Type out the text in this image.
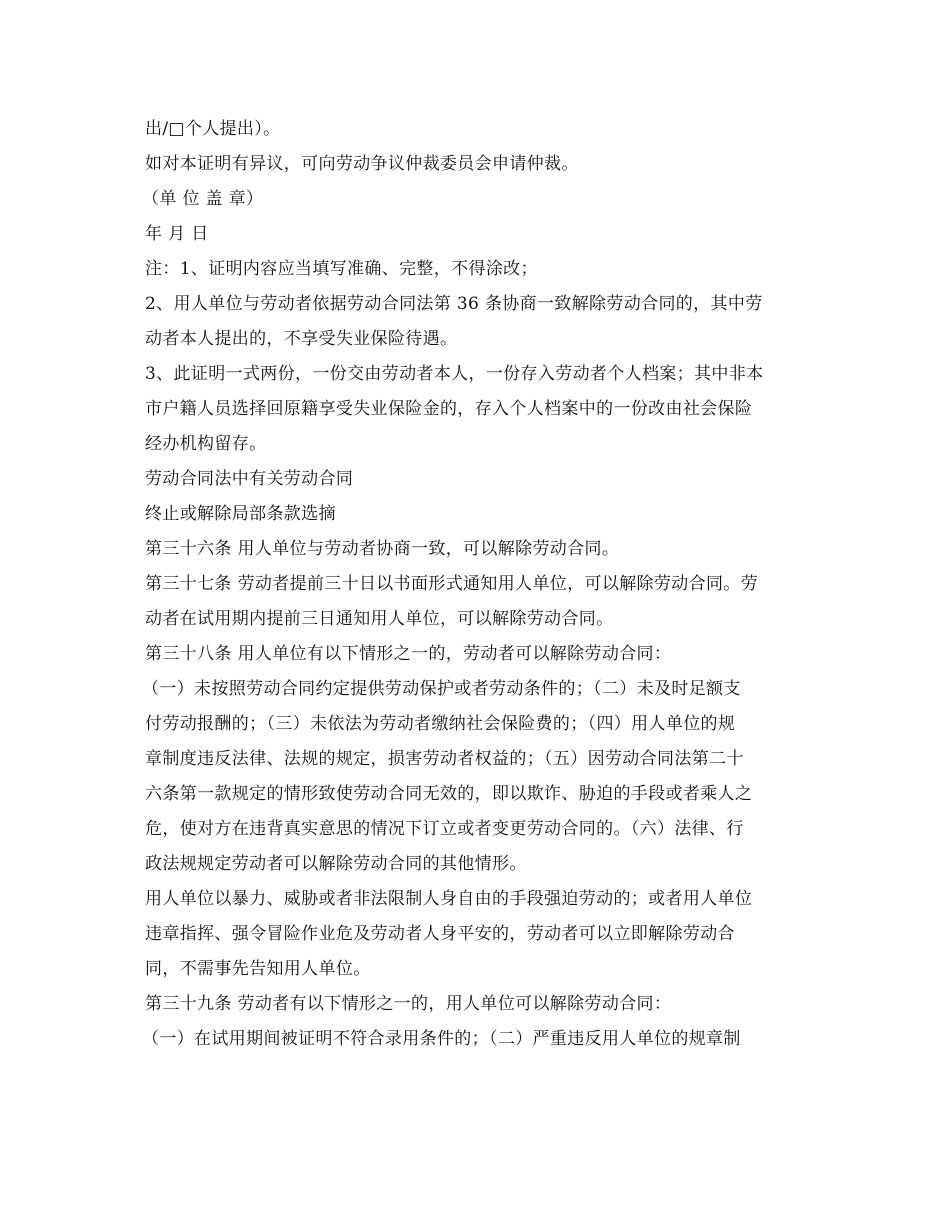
出/□个人提出）。
如对本证明有异议，可向劳动争议仲裁委员会申请仲裁。
（单 位 盖 章）
年 月 日
注：1、证明内容应当填写准确、完整，不得涂改；
2、用人单位与劳动者依据劳动合同法第 36 条协商一致解除劳动合同的，其中劳
动者本人提出的，不享受失业保险待遇。
3、此证明一式两份，一份交由劳动者本人，一份存入劳动者个人档案；其中非本
市户籍人员选择回原籍享受失业保险金的，存入个人档案中的一份改由社会保险
经办机构留存。
劳动合同法中有关劳动合同
终止或解除局部条款选摘
第三十六条 用人单位与劳动者协商一致，可以解除劳动合同。
第三十七条 劳动者提前三十日以书面形式通知用人单位，可以解除劳动合同。劳
动者在试用期内提前三日通知用人单位，可以解除劳动合同。
第三十八条 用人单位有以下情形之一的，劳动者可以解除劳动合同：
（一）未按照劳动合同约定提供劳动保护或者劳动条件的；（二）未及时足额支
付劳动报酬的；（三）未依法为劳动者缴纳社会保险费的；（四）用人单位的规
章制度违反法律、法规的规定，损害劳动者权益的；（五）因劳动合同法第二十
六条第一款规定的情形致使劳动合同无效的，即以欺诈、胁迫的手段或者乘人之
危，使对方在违背真实意思的情况下订立或者变更劳动合同的。（六）法律、行
政法规规定劳动者可以解除劳动合同的其他情形。
用人单位以暴力、威胁或者非法限制人身自由的手段强迫劳动的；或者用人单位
违章指挥、强令冒险作业危及劳动者人身平安的，劳动者可以立即解除劳动合
同，不需事先告知用人单位。
第三十九条 劳动者有以下情形之一的，用人单位可以解除劳动合同：
（一）在试用期间被证明不符合录用条件的；（二）严重违反用人单位的规章制
